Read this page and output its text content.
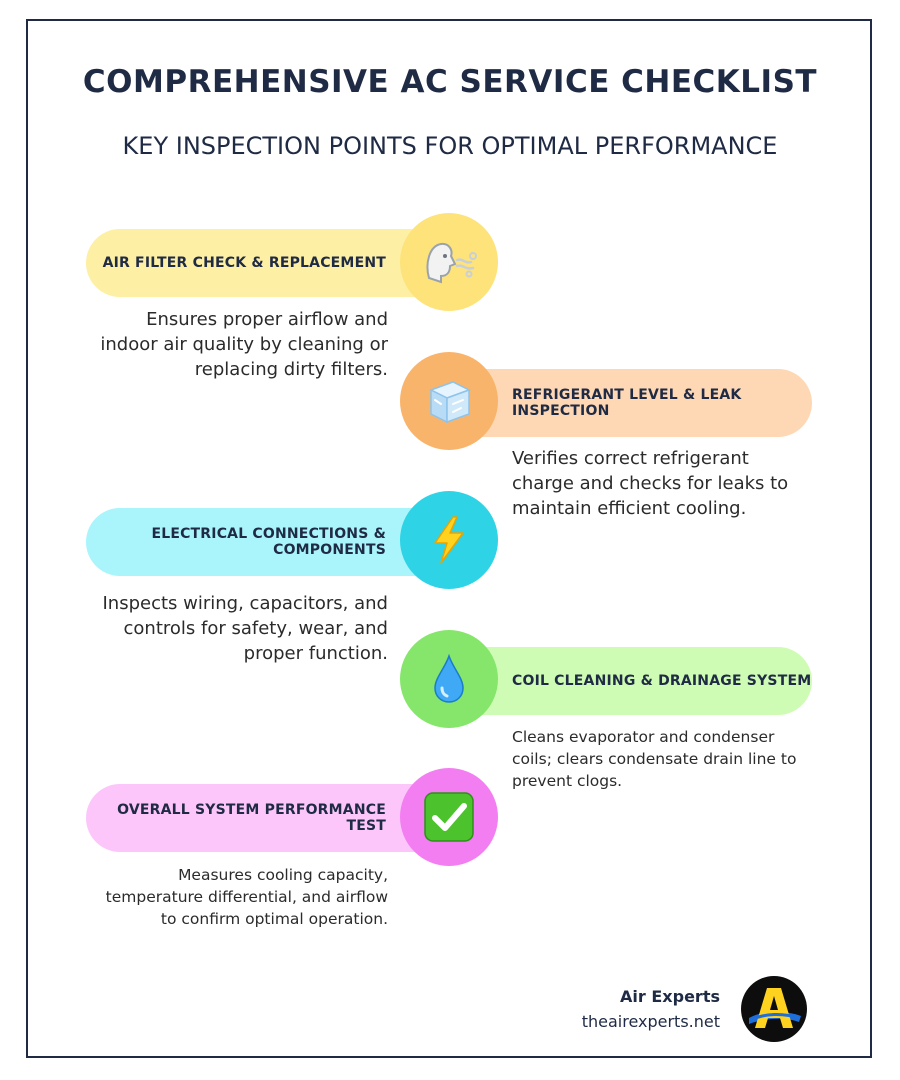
COMPREHENSIVE AC SERVICE CHECKLIST
KEY INSPECTION POINTS FOR OPTIMAL PERFORMANCE
AIR FILTER CHECK & REPLACEMENT
Ensures proper airflow and indoor air quality by cleaning or replacing dirty filters.
REFRIGERANT LEVEL & LEAK INSPECTION
Verifies correct refrigerant charge and checks for leaks to maintain efficient cooling.
ELECTRICAL CONNECTIONS & COMPONENTS
Inspects wiring, capacitors, and controls for safety, wear, and proper function.
COIL CLEANING & DRAINAGE SYSTEM
Cleans evaporator and condenser coils; clears condensate drain line to prevent clogs.
OVERALL SYSTEM PERFORMANCE TEST
Measures cooling capacity, temperature differential, and airflow to confirm optimal operation.
Air Experts
theairexperts.net
